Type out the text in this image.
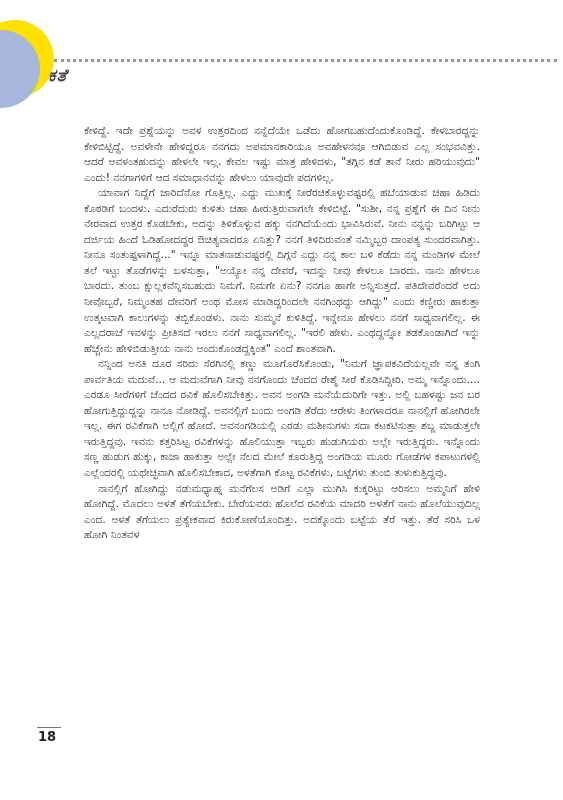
ಕತೆ

ಕೇಳಿದ್ದೆ. ಇದೇ ಪ್ರಶ್ನೆಯನ್ನು ಅವಳ ಉತ್ತರದಿಂದ ನನ್ನೆದೆಯೇ ಒಡೆದು ಹೋಗಬಹುದೆಂದುಕೊಂಡಿದ್ದೆ. ಕೇಳಬಾರದ್ದನ್ನು ಕೇಳಿಬಿಟ್ಟಿದ್ದೆ. ಅವಳೇನೇ ಹೇಳಿದ್ದರೂ ನನಗದು ಅಪಮಾನಕಾರಿಯೂ ಅವಹೇಳನವೂ ಆಗಿಬಿಡುವ ಎಲ್ಲ ಸಂಭವವಿತ್ತು. ಆದರೆ ಅವಳಂತಹುದನ್ನು ಹೇಳಲೇ ಇಲ್ಲ. ಕೇವಲ ಇಷ್ಟು ಮಾತ್ರ ಹೇಳಿದಳು, "ತಗ್ಗಿನ ಕಡೆ ತಾನೆ ನೀರು ಹರಿಯುವುದು" ಎಂದು! ನನಗಾಗಳಿಗೆ ಆದ ಸಮಾಧಾನವನ್ನು ಹೇಳಲು ಯಾವುದೇ ಪದಗಳಿಲ್ಲ.

ಯಾವಾಗ ನಿದ್ದೆಗೆ ಜಾರಿದೆನೋ ಗೊತ್ತಿಲ್ಲ. ಎದ್ದು ಮುಖಕ್ಕೆ ನೀರೆರಚಿಕೊಳ್ಳುವಷ್ಟರಲ್ಲಿ ಹಬೆಯಾಡುವ ಚಹಾ ಹಿಡಿದು ಕೊಠಡಿಗೆ ಬಂದಳು. ಎದುರೆದುರು ಕುಳಿತು ಚಹಾ ಹೀರುತ್ತಿರುವಾಗಲೇ ಕೇಳಿಬಿಟ್ಟೆ. "ಸುಶೀ, ನನ್ನ ಪ್ರಶ್ನೆಗೆ ಈ ದಿನ ನೀನು ನೇರವಾದ ಉತ್ತರ ಕೊಡಬೇಕು, ಅದನ್ನು ತಿಳಿಕೊಳ್ಳುವ ಹಕ್ಕು ನನಗಿದೆಯೆಂದು ಭಾವಿಸಿರುವೆ. ನೀನು ನನ್ನನ್ನು ಬರಿಗಿಟ್ಟು ಆ ದರ್ಜಿಯ ಹಿಂದೆ ಓಡಿಹೋದದ್ದರ ಔಚಿತ್ಯವಾದರೂ ಏನಿತ್ತು? ನನಗೆ ತಿಳಿದಿರುವಂತೆ ನಮ್ಮಿಬ್ಬರ ದಾಂಪತ್ಯ ಸುಂದರವಾಗಿತ್ತು. ನೀನೂ ಸಂತುಷ್ಟಳಾಗಿದ್ದೆ..." ಇನ್ನೂ ಮಾತನಾಡುವಷ್ಟರಲ್ಲಿ ದಿಗ್ಗನೆ ಎದ್ದು ನನ್ನ ಕಾಲ ಬಳಿ ಕೆಡೆದು ನನ್ನ ಮಂಡಿಗಳ ಮೇಲೆ ತಲೆ ಇಟ್ಟು ತೊಡೆಗಳನ್ನು ಬಳಸುತ್ತಾ, "ಅಯ್ಯೋ ನನ್ನ ದೇವರೆ, ಇದನ್ನು ನೀವು ಕೇಳಲೂ ಬಾರದು. ನಾನು ಹೇಳಲೂ ಬಾರದು. ತುಂಬ ಕ್ಷುಲ್ಲಕವೆನ್ನಿಸಬಹುದು ನಿಮಗೆ. ನಿಮಗೇ ಏನು? ನನಗೂ ಹಾಗೇ ಅನ್ನಿಸುತ್ತದೆ. ಪತಿದೇವರೆಂದರೆ ಅದು ನೀವೊಬ್ಬರೆ, ನಿಮ್ಮಂತಹ ದೇವರಿಗೆ ಅಂಥ ಮೋಸ ಮಾಡಿದ್ದರಿಂದಲೇ ನನಗಿಂಥದ್ದು ಆಗಿದ್ದು" ಎಂದು ಕಣ್ಣೀರು ಹಾಕುತ್ತಾ ಉತ್ಕಟವಾಗಿ ಕಾಲುಗಳನ್ನು ತಬ್ಬಿಕೊಂಡಳು. ನಾನು ಸುಮ್ಮನೆ ಕುಳಿತಿದ್ದೆ. ಇನ್ನೇನೂ ಹೇಳಲು ನನಗೆ ಸಾಧ್ಯವಾಗಲಿಲ್ಲ. ಈ ಎಲ್ಲದರಾಚೆ ಇವಳನ್ನು ಪ್ರೀತಿಸದೆ ಇರಲು ನನಗೆ ಸಾಧ್ಯವಾಗಲಿಲ್ಲ. "ಇರಲಿ ಹೇಳು. ಎಂಥದ್ದನ್ನೋ ತಡಕೊಂಡಾಗಿದೆ ಇನ್ನು ಹೆಚ್ಚೇನು ಹೇಳಿಬಿಡುತ್ತೀಯ ನಾನು ಅಂದುಕೊಂಡದ್ದಕ್ಕಿಂತ" ಎಂದೆ ಶಾಂತವಾಗಿ.

ನನ್ನಿಂದ ಅನತಿ ದೂರ ಸರಿದು ಸೆರಗಿನಲ್ಲಿ ಕಣ್ಣು ಮೂಗೊರೆಸಿಕೊಂಡು, "ನಿಮಗೆ ಜ್ಞಾಪಕವಿದೆಯಲ್ಲವೇ ನನ್ನ ತಂಗಿ ಪಾರ್ವತಿಯ ಮದುವೆ... ಆ ಮದುವೆಗಾಗಿ ನೀವು ನನಗೊಂದು ಚೆಂದದ ರೇಶ್ಮೆ ಸೀರೆ ಕೊಡಿಸಿದ್ದೀರಿ. ಅಮ್ಮ ಇನ್ನೊಂದು.... ಎರಡೂ ಸೀರೆಗಳಿಗೆ ಚೆಂದದ ರವಿಕೆ ಹೊಲಿಸಬೇಕಿತ್ತು. ಅವನ ಅಂಗಡಿ ಮನೆಯೆದುರಿಗೇ ಇತ್ತು. ಅಲ್ಲಿ ಬಹಳಷ್ಟು ಜನ ಬರ ಹೋಗುತ್ತಿದ್ದುದ್ದನ್ನು ನಾನೂ ನೋಡಿದ್ದೆ. ಅವನಲ್ಲಿಗೆ ಬಂದು ಅಂಗಡಿ ತೆರೆದು ಆರೇಳು ತಿಂಗಳಾದರೂ ನಾನಲ್ಲಿಗೆ ಹೋಗಿರಲೇ ಇಲ್ಲ. ಈಗ ರವಿಕೆಗಾಗಿ ಅಲ್ಲಿಗೆ ಹೋದೆ. ಅವನಂಗಡಿಯಲ್ಲಿ ಎರಡು ಮಶೀನುಗಳು ಸದಾ ಕಟಕಟಿಸುತ್ತಾ ಶಬ್ದ ಮಾಡುತ್ತಲೇ ಇರುತ್ತಿದ್ದವು. ಇವನು ಕತ್ತರಿಸಿಟ್ಟ ರವಿಕೆಗಳನ್ನು ಹೊಲಿಯುತ್ತಾ ಇಬ್ಬರು ಹುಡುಗಿಯರು ಅಲ್ಲೇ ಇರುತ್ತಿದ್ದರು. ಇನ್ನೊಂದು ಸಣ್ಣ ಹುಡುಗ ಹುಕ್ಕು, ಕಾಜಾ ಹಾಕುತ್ತಾ ಅಲ್ಲೇ ನೆಲದ ಮೇಲೆ ಕೂರುತ್ತಿದ್ದ ಅಂಗಡಿಯ ಮೂರು ಗೋಡೆಗಳ ಕಪಾಟುಗಳಲ್ಲಿ ಎಲ್ಲೆಂದರಲ್ಲಿ ಯಥೇಚ್ಛವಾಗಿ ಹೊಲಿಸಬೇಕಾದ, ಅಳತೆಗಾಗಿ ಕೊಟ್ಟ ರವಿಕೆಗಳು, ಬಟ್ಟೆಗಳು ತುಂಬಿ ತುಳುಕುತ್ತಿದ್ದವು.

ನಾನಲ್ಲಿಗೆ ಹೋಗಿದ್ದು ನಡುಮಧ್ಯಾಹ್ನ ಮನೆಗೆಲಸ ಅಡಿಗೆ ಎಲ್ಲಾ ಮುಗಿಸಿ ಕುಕ್ಕರಿಟ್ಟು ಆರಿಸಲು ಅಮ್ಮನಿಗೆ ಹೇಳಿ ಹೋಗಿದ್ದೆ. ಮೊದಲು ಅಳತೆ ತೆಗೆಯಬೇಕು. ಬೇರೆಯವರು ಹೊಲೆದ ರವಿಕೆಯ ಮಾದರಿ ಅಳತೆಗೆ ನಾನು ಹೊಲೆಯುವುದಿಲ್ಲ ಎಂದ. ಅಳತೆ ತೆಗೆಯಲು ಪ್ರತ್ಯೇಕವಾದ ಕಿರುಕೋಣೆಯೊಂದಿತ್ತು. ಅದಕ್ಕೊಂದು ಬಟ್ಟೆಯ ತೆರೆ ಇತ್ತು. ತೆರೆ ಸರಿಸಿ ಒಳ ಹೋಗಿ ನಿಂತವಳ

18
